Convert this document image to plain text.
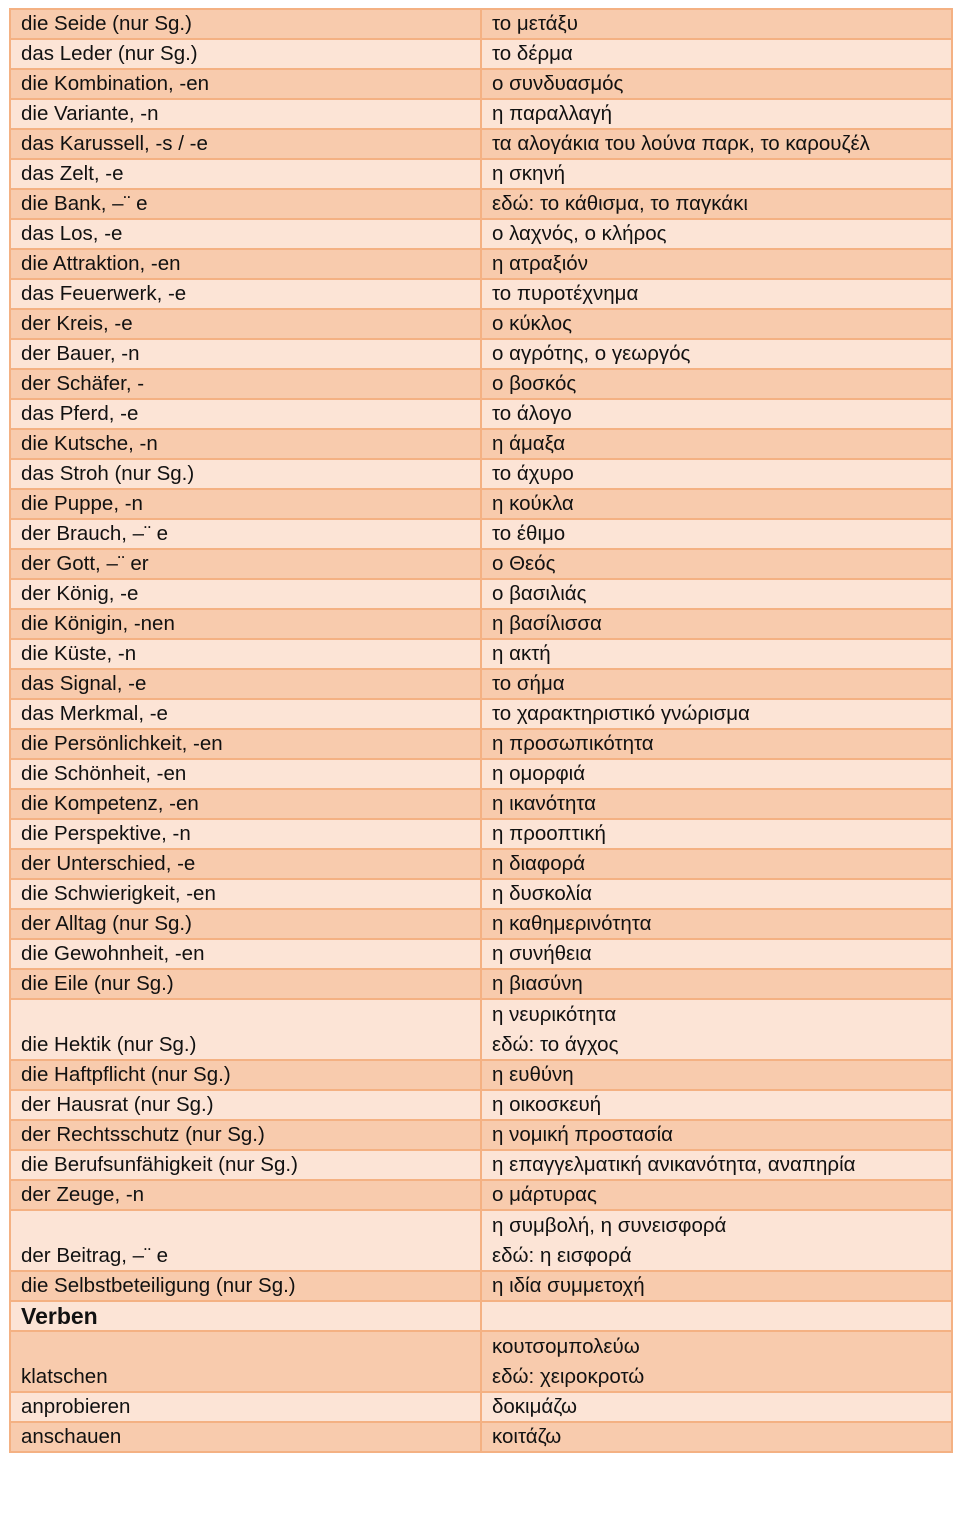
die Seide (nur Sg.)	το μετάξυ

das Leder (nur Sg.)	το δέρμα

die Kombination, -en	ο συνδυασμός

die Variante, -n	η παραλλαγή

das Karussell, -s / -e	τα αλογάκια του λούνα παρκ, το καρουζέλ

das Zelt, -e	η σκηνή

die Bank, –¨ e	εδώ: το κάθισμα, το παγκάκι

das Los, -e	ο λαχνός, ο κλήρος

die Attraktion, -en	η ατραξιόν

das Feuerwerk, -e	το πυροτέχνημα

der Kreis, -e	ο κύκλος

der Bauer, -n	ο αγρότης, ο γεωργός

der Schäfer, -	ο βοσκός

das Pferd, -e	το άλογο

die Kutsche, -n	η άμαξα

das Stroh (nur Sg.)	το άχυρο

die Puppe, -n	η κούκλα

der Brauch, –¨ e	το έθιμο

der Gott, –¨ er	ο Θεός

der König, -e	ο βασιλιάς

die Königin, -nen	η βασίλισσα

die Küste, -n	η ακτή

das Signal, -e	το σήμα

das Merkmal, -e	το χαρακτηριστικό γνώρισμα

die Persönlichkeit, -en	η προσωπικότητα

die Schönheit, -en	η ομορφιά

die Kompetenz, -en	η ικανότητα

die Perspektive, -n	η προοπτική

der Unterschied, -e	η διαφορά

die Schwierigkeit, -en	η δυσκολία

der Alltag (nur Sg.)	η καθημερινότητα

die Gewohnheit, -en	η συνήθεια

die Eile (nur Sg.)	η βιασύνη

die Hektik (nur Sg.)	η νευρικότητα
εδώ: το άγχος

die Haftpflicht (nur Sg.)	η ευθύνη

der Hausrat (nur Sg.)	η οικοσκευή

der Rechtsschutz (nur Sg.)	η νομική προστασία

die Berufsunfähigkeit (nur Sg.)	η επαγγελματική ανικανότητα, αναπηρία

der Zeuge, -n	ο μάρτυρας

der Beitrag, –¨ e	η συμβολή, η συνεισφορά
εδώ: η εισφορά

die Selbstbeteiligung (nur Sg.)	η ιδία συμμετοχή

Verben	
klatschen	κουτσομπολεύω
εδώ: χειροκροτώ

anprobieren	δοκιμάζω

anschauen	κοιτάζω
